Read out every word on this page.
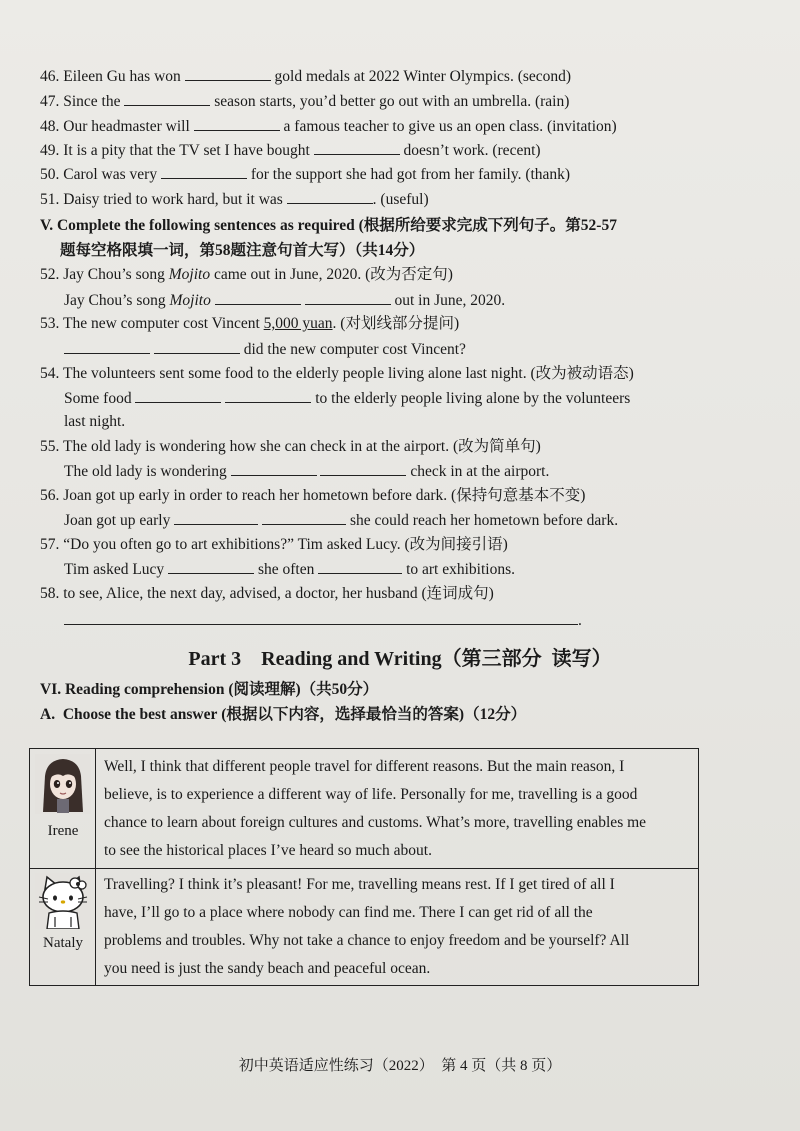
46. Eileen Gu has won	gold medals at 2022 Winter Olympics. (second)
47. Since the	season starts, you’d better go out with an umbrella. (rain)
48. Our headmaster will	a famous teacher to give us an open class. (invitation)
49. It is a pity that the TV set I have bought	doesn’t work. (recent)
50. Carol was very	for the support she had got from her family. (thank)
51. Daisy tried to work hard, but it was	. (useful)
V. Complete the following sentences as required (根据所给要求完成下列句子。第52-57
题每空格限填一词，第58题注意句首大写）（共14分）
52. Jay Chou’s song Mojito came out in June, 2020. (改为否定句)
Jay Chou’s song Mojito	out in June, 2020.
53. The new computer cost Vincent 5,000 yuan. (对划线部分提问)
did the new computer cost Vincent?
54. The volunteers sent some food to the elderly people living alone last night. (改为被动语态)
Some food	to the elderly people living alone by the volunteers
last night.
55. The old lady is wondering how she can check in at the airport. (改为简单句)
The old lady is wondering	check in at the airport.
56. Joan got up early in order to reach her hometown before dark. (保持句意基本不变)
Joan got up early	she could reach her hometown before dark.
57. “Do you often go to art exhibitions?” Tim asked Lucy. (改为间接引语)
Tim asked Lucy	she often	to art exhibitions.
58. to see, Alice, the next day, advised, a doctor, her husband (连词成句)
.
Part 3    Reading and Writing（第三部分  读写）
VI. Reading comprehension (阅读理解)（共50分）
A.  Choose the best answer (根据以下内容，选择最恰当的答案)（12分）
Irene
Well, I think that different people travel for different reasons. But the main reason, I
believe, is to experience a different way of life. Personally for me, travelling is a good
chance to learn about foreign cultures and customs. What’s more, travelling enables me
to see the historical places I’ve heard so much about.
Nataly
Travelling? I think it’s pleasant! For me, travelling means rest. If I get tired of all I
have, I’ll go to a place where nobody can find me. There I can get rid of all the
problems and troubles. Why not take a chance to enjoy freedom and be yourself? All
you need is just the sandy beach and peaceful ocean.
初中英语适应性练习（2022）  第 4 页（共 8 页）
